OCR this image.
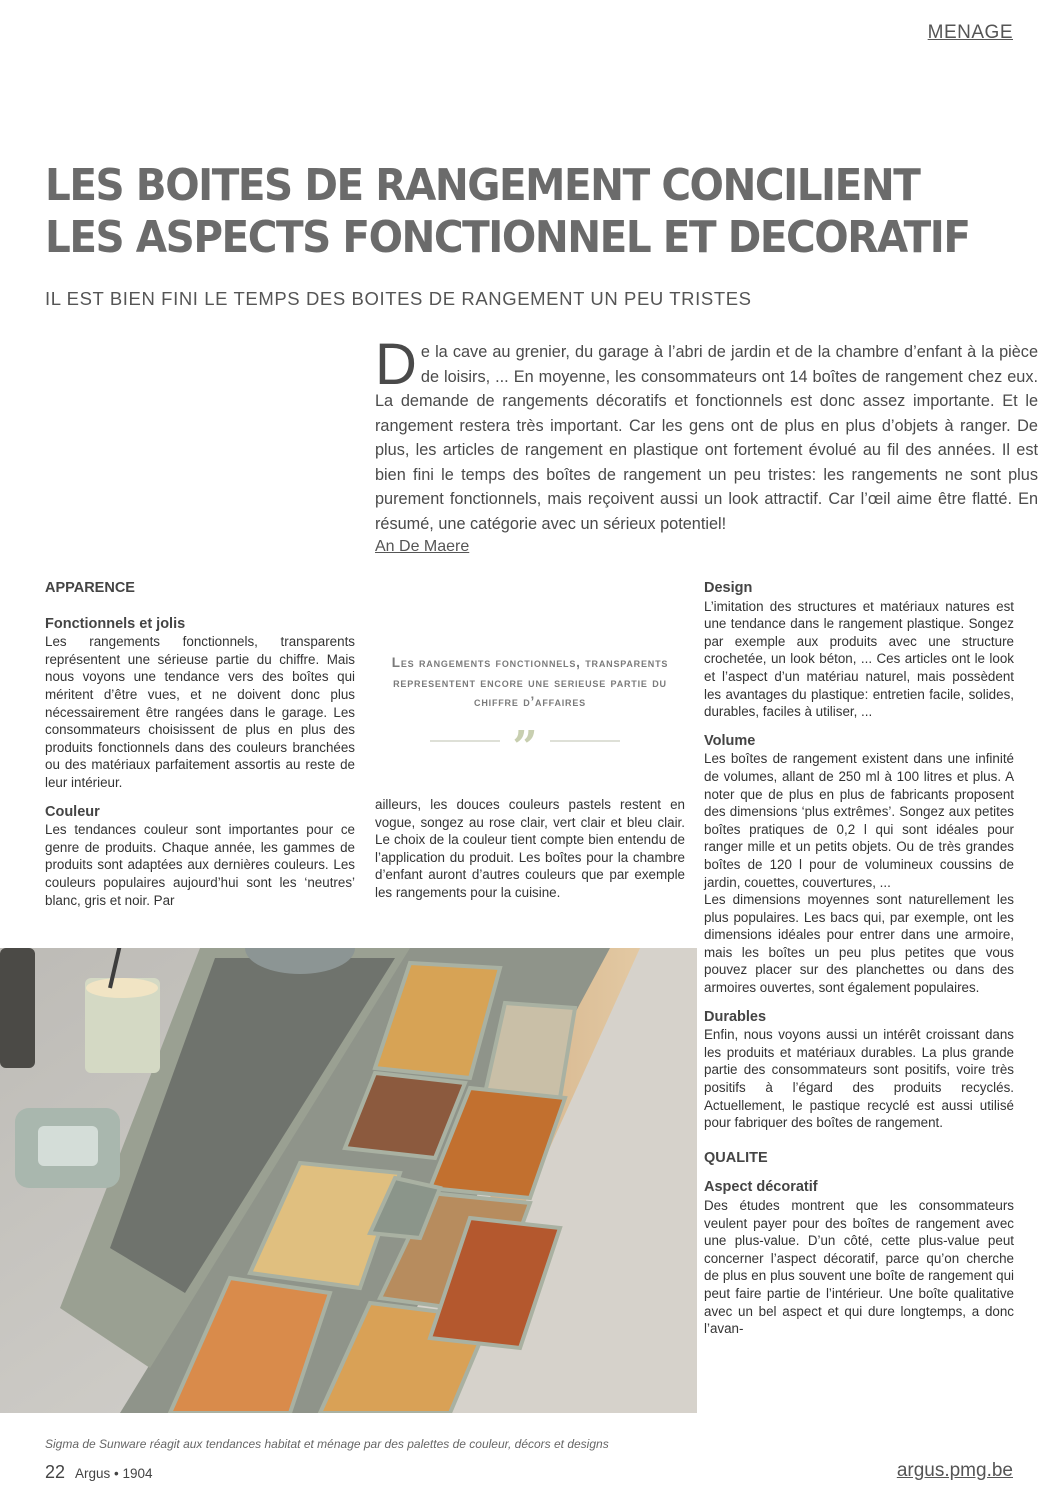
MENAGE
LES BOITES DE RANGEMENT CONCILIENT
LES ASPECTS FONCTIONNEL ET DECORATIF
IL EST BIEN FINI LE TEMPS DES BOITES DE RANGEMENT UN PEU TRISTES

De la cave au grenier, du garage à l’abri de jardin et de la chambre d’enfant à la pièce de loisirs, ... En moyenne, les consommateurs ont 14 boîtes de rangement chez eux. La demande de rangements décoratifs et fonctionnels est donc assez importante. Et le rangement restera très important. Car les gens ont de plus en plus d’objets à ranger. De plus, les articles de rangement en plastique ont fortement évolué au fil des années. Il est bien fini le temps des boîtes de rangement un peu tristes: les rangements ne sont plus purement fonctionnels, mais reçoivent aussi un look attractif. Car l’œil aime être flatté. En résumé, une catégorie avec un sérieux potentiel!

An De Maere
APPARENCE
Fonctionnels et jolis

Les rangements fonctionnels, transparents représentent une sérieuse partie du chiffre. Mais nous voyons une tendance vers des boîtes qui méritent d’être vues, et ne doivent donc plus nécessairement être rangées dans le garage. Les consommateurs choisissent de plus en plus des produits fonctionnels dans des couleurs branchées ou des matériaux parfaitement assortis au reste de leur intérieur.

Couleur

Les tendances couleur sont importantes pour ce genre de produits. Chaque année, les gammes de produits sont adaptées aux dernières couleurs. Les couleurs populaires aujourd’hui sont les ‘neutres’ blanc, gris et noir. Par

Les rangements fonctionnels, transparents representent encore une serieuse partie du chiffre d’affaires
”

ailleurs, les douces couleurs pastels restent en vogue, songez au rose clair, vert clair et bleu clair. Le choix de la couleur tient compte bien entendu de l’application du produit. Les boîtes pour la chambre d’enfant auront d’autres couleurs que par exemple les rangements pour la cuisine.

Design

L’imitation des structures et matériaux natures est une tendance dans le rangement plastique. Songez par exemple aux produits avec une structure crochetée, un look béton, ... Ces articles ont le look et l’aspect d’un matériau naturel, mais possèdent les avantages du plastique: entretien facile, solides, durables, faciles à utiliser, ...

Volume

Les boîtes de rangement existent dans une infinité de volumes, allant de 250 ml à 100 litres et plus. A noter que de plus en plus de fabricants proposent des dimensions ‘plus extrêmes’. Songez aux petites boîtes pratiques de 0,2 l qui sont idéales pour ranger mille et un petits objets. Ou de très grandes boîtes de 120 l pour de volumineux coussins de jardin, couettes, couvertures, ...

Les dimensions moyennes sont naturellement les plus populaires. Les bacs qui, par exemple, ont les dimensions idéales pour entrer dans une armoire, mais les boîtes un peu plus petites que vous pouvez placer sur des planchettes ou dans des armoires ouvertes, sont également populaires.

Durables

Enfin, nous voyons aussi un intérêt croissant dans les produits et matériaux durables. La plus grande partie des consommateurs sont positifs, voire très positifs à l’égard des produits recyclés. Actuellement, le pastique recyclé est aussi utilisé pour fabriquer des boîtes de rangement.

QUALITE
Aspect décoratif

Des études montrent que les consommateurs veulent payer pour des boîtes de rangement avec une plus-value. D’un côté, cette plus-value peut concerner l’aspect décoratif, parce qu’on cherche de plus en plus souvent une boîte de rangement qui peut faire partie de l’intérieur. Une boîte qualitative avec un bel aspect et qui dure longtemps, a donc l’avan-

Sigma de Sunware réagit aux tendances habitat et ménage par des palettes de couleur, décors et designs
22 Argus • 1904	argus.pmg.be
